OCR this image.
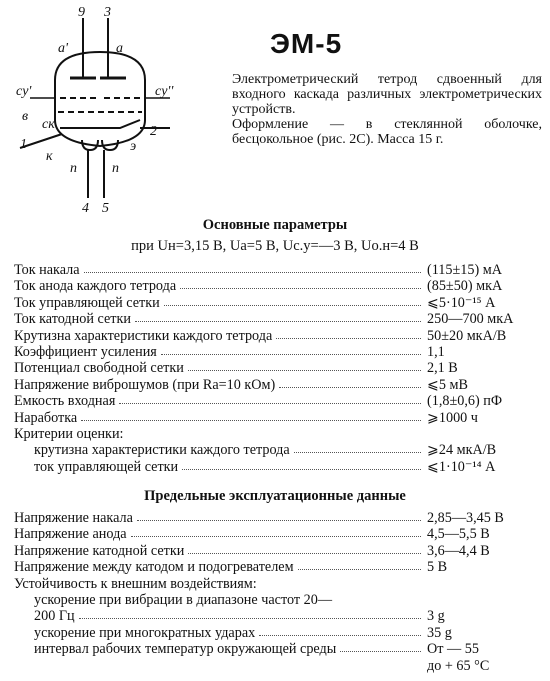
9 3
1
2
4 5
а'	а
cу'	cу''
в
cк
э
к
п	п
ЭМ-5

Электрометрический тетрод сдвоенный для входного каскада различных электрометрических устройств.

Оформление — в стеклянной оболочке, бесцокольное (рис. 2С). Масса 15 г.

Основные параметры
при Uн=3,15 В, Uа=5 В, Uс.у=—3 В, Uо.н=4 В
Ток накала	(115±15) мА
Ток анода каждого тетрода	(85±50) мкА
Ток управляющей сетки	⩽5·10⁻¹⁵ А
Ток катодной сетки	250—700 мкА
Крутизна характеристики каждого тетрода	50±20 мкА/В
Коэффициент усиления	1,1
Потенциал свободной сетки	2,1 В
Напряжение виброшумов (при Rа=10 кОм)	⩽5 мВ
Емкость входная	(1,8±0,6) пФ
Наработка	⩾1000 ч
Критерии оценки:
крутизна характеристики каждого тетрода	⩾24 мкА/В
ток управляющей сетки	⩽1·10⁻¹⁴ А
Предельные эксплуатационные данные
Напряжение накала	2,85—3,45 В
Напряжение анода	4,5—5,5 В
Напряжение катодной сетки	3,6—4,4 В
Напряжение между катодом и подогревателем	5 В
Устойчивость к внешним воздействиям:
ускорение при вибрации в диапазоне частот 20—
200 Гц	3 g
ускорение при многократных ударах	35 g
интервал рабочих температур окружающей среды	От — 55
до + 65 °С
